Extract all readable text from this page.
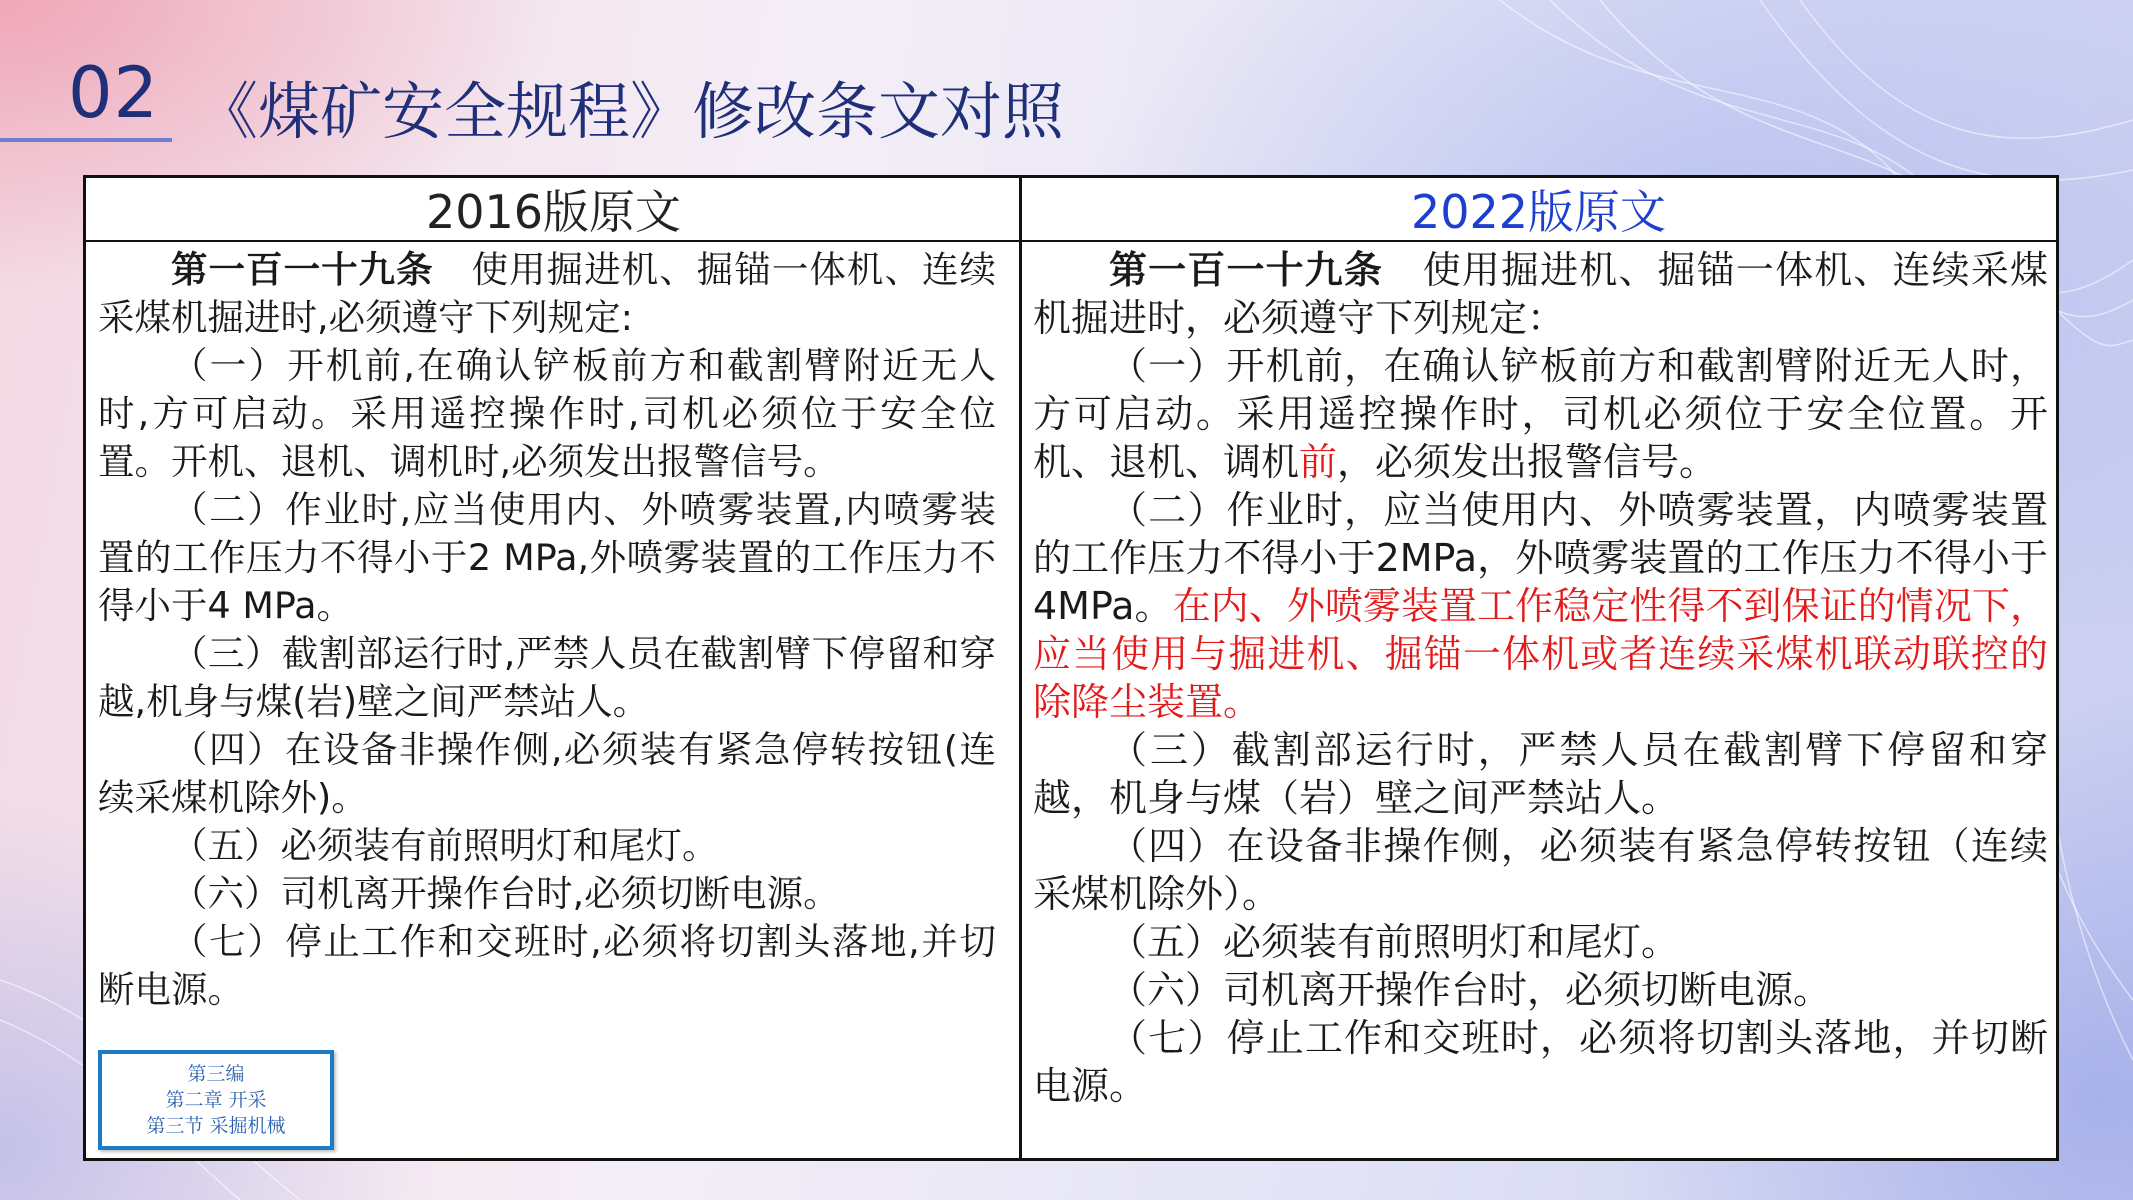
02 《煤矿安全规程》修改条文对照
2016版原文	2022版原文

第一百一十九条 使用掘进机、掘锚一体机、连续采煤机掘进时,必须遵守下列规定:

（一）开机前,在确认铲板前方和截割臂附近无人时,方可启动。采用遥控操作时,司机必须位于安全位置。开机、退机、调机时,必须发出报警信号。

（二）作业时,应当使用内、外喷雾装置,内喷雾装置的工作压力不得小于2 MPa,外喷雾装置的工作压力不得小于4 MPa。

（三）截割部运行时,严禁人员在截割臂下停留和穿越,机身与煤(岩)壁之间严禁站人。

（四）在设备非操作侧,必须装有紧急停转按钮(连续采煤机除外)。

（五）必须装有前照明灯和尾灯。

（六）司机离开操作台时,必须切断电源。

（七）停止工作和交班时,必须将切割头落地,并切断电源。

第一百一十九条 使用掘进机、掘锚一体机、连续采煤机掘进时，必须遵守下列规定：

（一）开机前，在确认铲板前方和截割臂附近无人时，方可启动。采用遥控操作时，司机必须位于安全位置。开机、退机、调机前，必须发出报警信号。

（二）作业时，应当使用内、外喷雾装置，内喷雾装置的工作压力不得小于2MPa，外喷雾装置的工作压力不得小于4MPa。在内、外喷雾装置工作稳定性得不到保证的情况下，应当使用与掘进机、掘锚一体机或者连续采煤机联动联控的除降尘装置。

（三）截割部运行时，严禁人员在截割臂下停留和穿越，机身与煤（岩）壁之间严禁站人。

（四）在设备非操作侧，必须装有紧急停转按钮（连续采煤机除外）。

（五）必须装有前照明灯和尾灯。

（六）司机离开操作台时，必须切断电源。

（七）停止工作和交班时，必须将切割头落地，并切断电源。

第三编
第二章 开采
第三节 采掘机械
